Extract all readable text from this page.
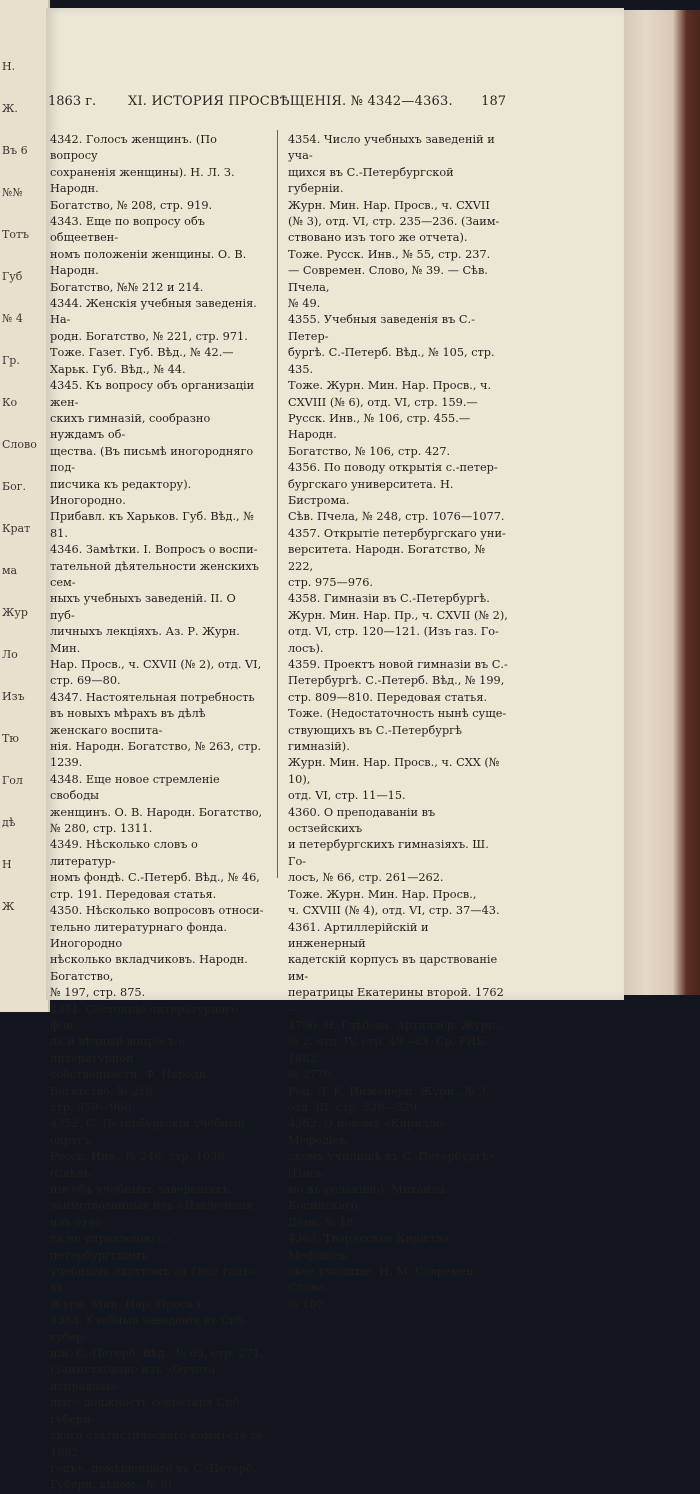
Н.
Ж.
Въ 6
№№
Тотъ
Губ
№ 4
Гр.
Ко
Слово
Бог.
Крат
ма
Жур
Ло
Изъ
Тю
Гол
дѣ
Н
Ж
1863 г. XI. ИСТОРИЯ ПРОСВѢЩЕНІЯ. № 4342—4363. 187

4342. Голосъ женщинъ. (По вопросу

сохраненія женщины). Н. Л. З. Народн.

Богатство, № 208, стр. 919.

4343. Еще по вопросу объ общеетвен-

номъ положеніи женщины. О. В. Народн.

Богатство, №№ 212 и 214.

4344. Женскія учебныя заведенія. На-

родн. Богатство, № 221, стр. 971.

Тоже. Газет. Губ. Вѣд., № 42.—

Харьк. Губ. Вѣд., № 44.

4345. Къ вопросу объ организаціи жен-

скихъ гимназій, сообразно нуждамъ об-

щества. (Въ письмѣ иногородняго под-

писчика къ редактору). Иногородно.

Прибавл. къ Харьков. Губ. Вѣд., № 81.

4346. Замѣтки. I. Вопросъ о воспи-

тательной дѣятельности женскихъ сем-

ныхъ учебныхъ заведеній. II. О пуб-

личныхъ лекціяхъ. Аз. Р. Журн. Мин.

Нар. Просв., ч. CXVII (№ 2), отд. VI,

стр. 69—80.

4347. Настоятельная потребность

въ новыхъ мѣрахъ въ дѣлѣ женскаго воспита-

нія. Народн. Богатство, № 263, стр. 1239.

4348. Еще новое стремленіе свободы

женщинъ. О. В. Народн. Богатство,

№ 280, стр. 1311.

4349. Нѣсколько словъ о литератур-

номъ фондѣ. С.-Петерб. Вѣд., № 46,

стр. 191. Передовая статья.

4350. Нѣсколько вопросовъ относи-

тельно литературнаго фонда. Иногородно

нѣсколько вкладчиковъ. Народн. Богатство,

№ 197, стр. 875.

4351. Состояніе литературнаго фон-

да и вѣчный вопросъ о литературной

собственности. Ф. Народн. Богатство, № 218,

стр. 959—960.

4352. С.-Петербургскій учебный округъ.

Русск. Инв., № 246, стр. 1038. (Свѣдѣ-

нія объ учебныхъ заведеніяхъ,

заимствованныя изъ «Извлеченія изъ отче-

та по управленію с.-петербургскимъ

учебнымъ округомъ за 1862 годъ», въ

Журн. Мин. Нар. Просв.)

4353. Учебныя заведенія въ Спб. губер-

ніи. С.-Петерб. Вѣд., № 65, стр. 271.

(Заимствовано изъ «Отчета исправляю-

щаго должность секретаря Спб. губерн-

скаго статистическаго комитета за 1862

годъ», помѣщеннаго въ С.-Петерб.

Губерн. вѣдом., № 6).

4354. Число учебныхъ заведеній и уча-

щихся въ С.-Петербургской губерніи.

Журн. Мин. Нар. Просв., ч. CXVII

(№ 3), отд. VI, стр. 235—236. (Заим-

ствовано изъ того же отчета).

Тоже. Русск. Инв., № 55, стр. 237.

— Современ. Слово, № 39. — Сѣв. Пчела,

№ 49.

4355. Учебныя заведенія въ С.-Петер-

бургѣ. С.-Петерб. Вѣд., № 105, стр. 435.

Тоже. Журн. Мин. Нар. Просв., ч.

CXVIII (№ 6), отд. VI, стр. 159.—

Русск. Инв., № 106, стр. 455.—Народн.

Богатство, № 106, стр. 427.

4356. По поводу открытія с.-петер-

бургскаго университета. Н. Бистрома.

Сѣв. Пчела, № 248, стр. 1076—1077.

4357. Открытіе петербургскаго уни-

верситета. Народн. Богатство, № 222,

стр. 975—976.

4358. Гимназіи въ С.-Петербургѣ.

Журн. Мин. Нар. Пр., ч. CXVII (№ 2),

отд. VI, стр. 120—121. (Изъ газ. Го-

лосъ).

4359. Проектъ новой гимназіи въ С.-

Петербургѣ. С.-Петерб. Вѣд., № 199,

стр. 809—810. Передовая статья.

Тоже. (Недостаточность нынѣ суще-

ствующихъ въ С.-Петербургѣ гимназій).

Журн. Мин. Нар. Просв., ч. CXX (№ 10),

отд. VI, стр. 11—15.

4360. О преподаваніи въ остзейскихъ

и петербургскихъ гимназіяхъ. Ш. Го-

лосъ, № 66, стр. 261—262.

Тоже. Журн. Мин. Нар. Просв.,

ч. CXVIII (№ 4), отд. VI, стр. 37—43.

4361. Артиллерійскій и инженерный

кадетскій корпусъ въ царствованіе им-

ператрицы Екатерины второй. 1762—

1796. Н. Глѣбова. Артиллер. Журн.,

№ 2, отд. IV, стр. 49—83. Ср. РИБ. 1862,

№ 2770.

Рец. Л. К. Инженерн. Журн., № 3,

отд. III, стр. 328—329.

4362. О новомъ «Кирилло-Мефодіев-

скомъ училищѣ въ С.-Петербургѣ». (Пись-

мо въ редакцію). Михаила Косинскаго.

День, № 18.

4363. Творческое Кирилло-Мефодіев-

ское училище. Н. М. Современ. Слово,

№ 107.
